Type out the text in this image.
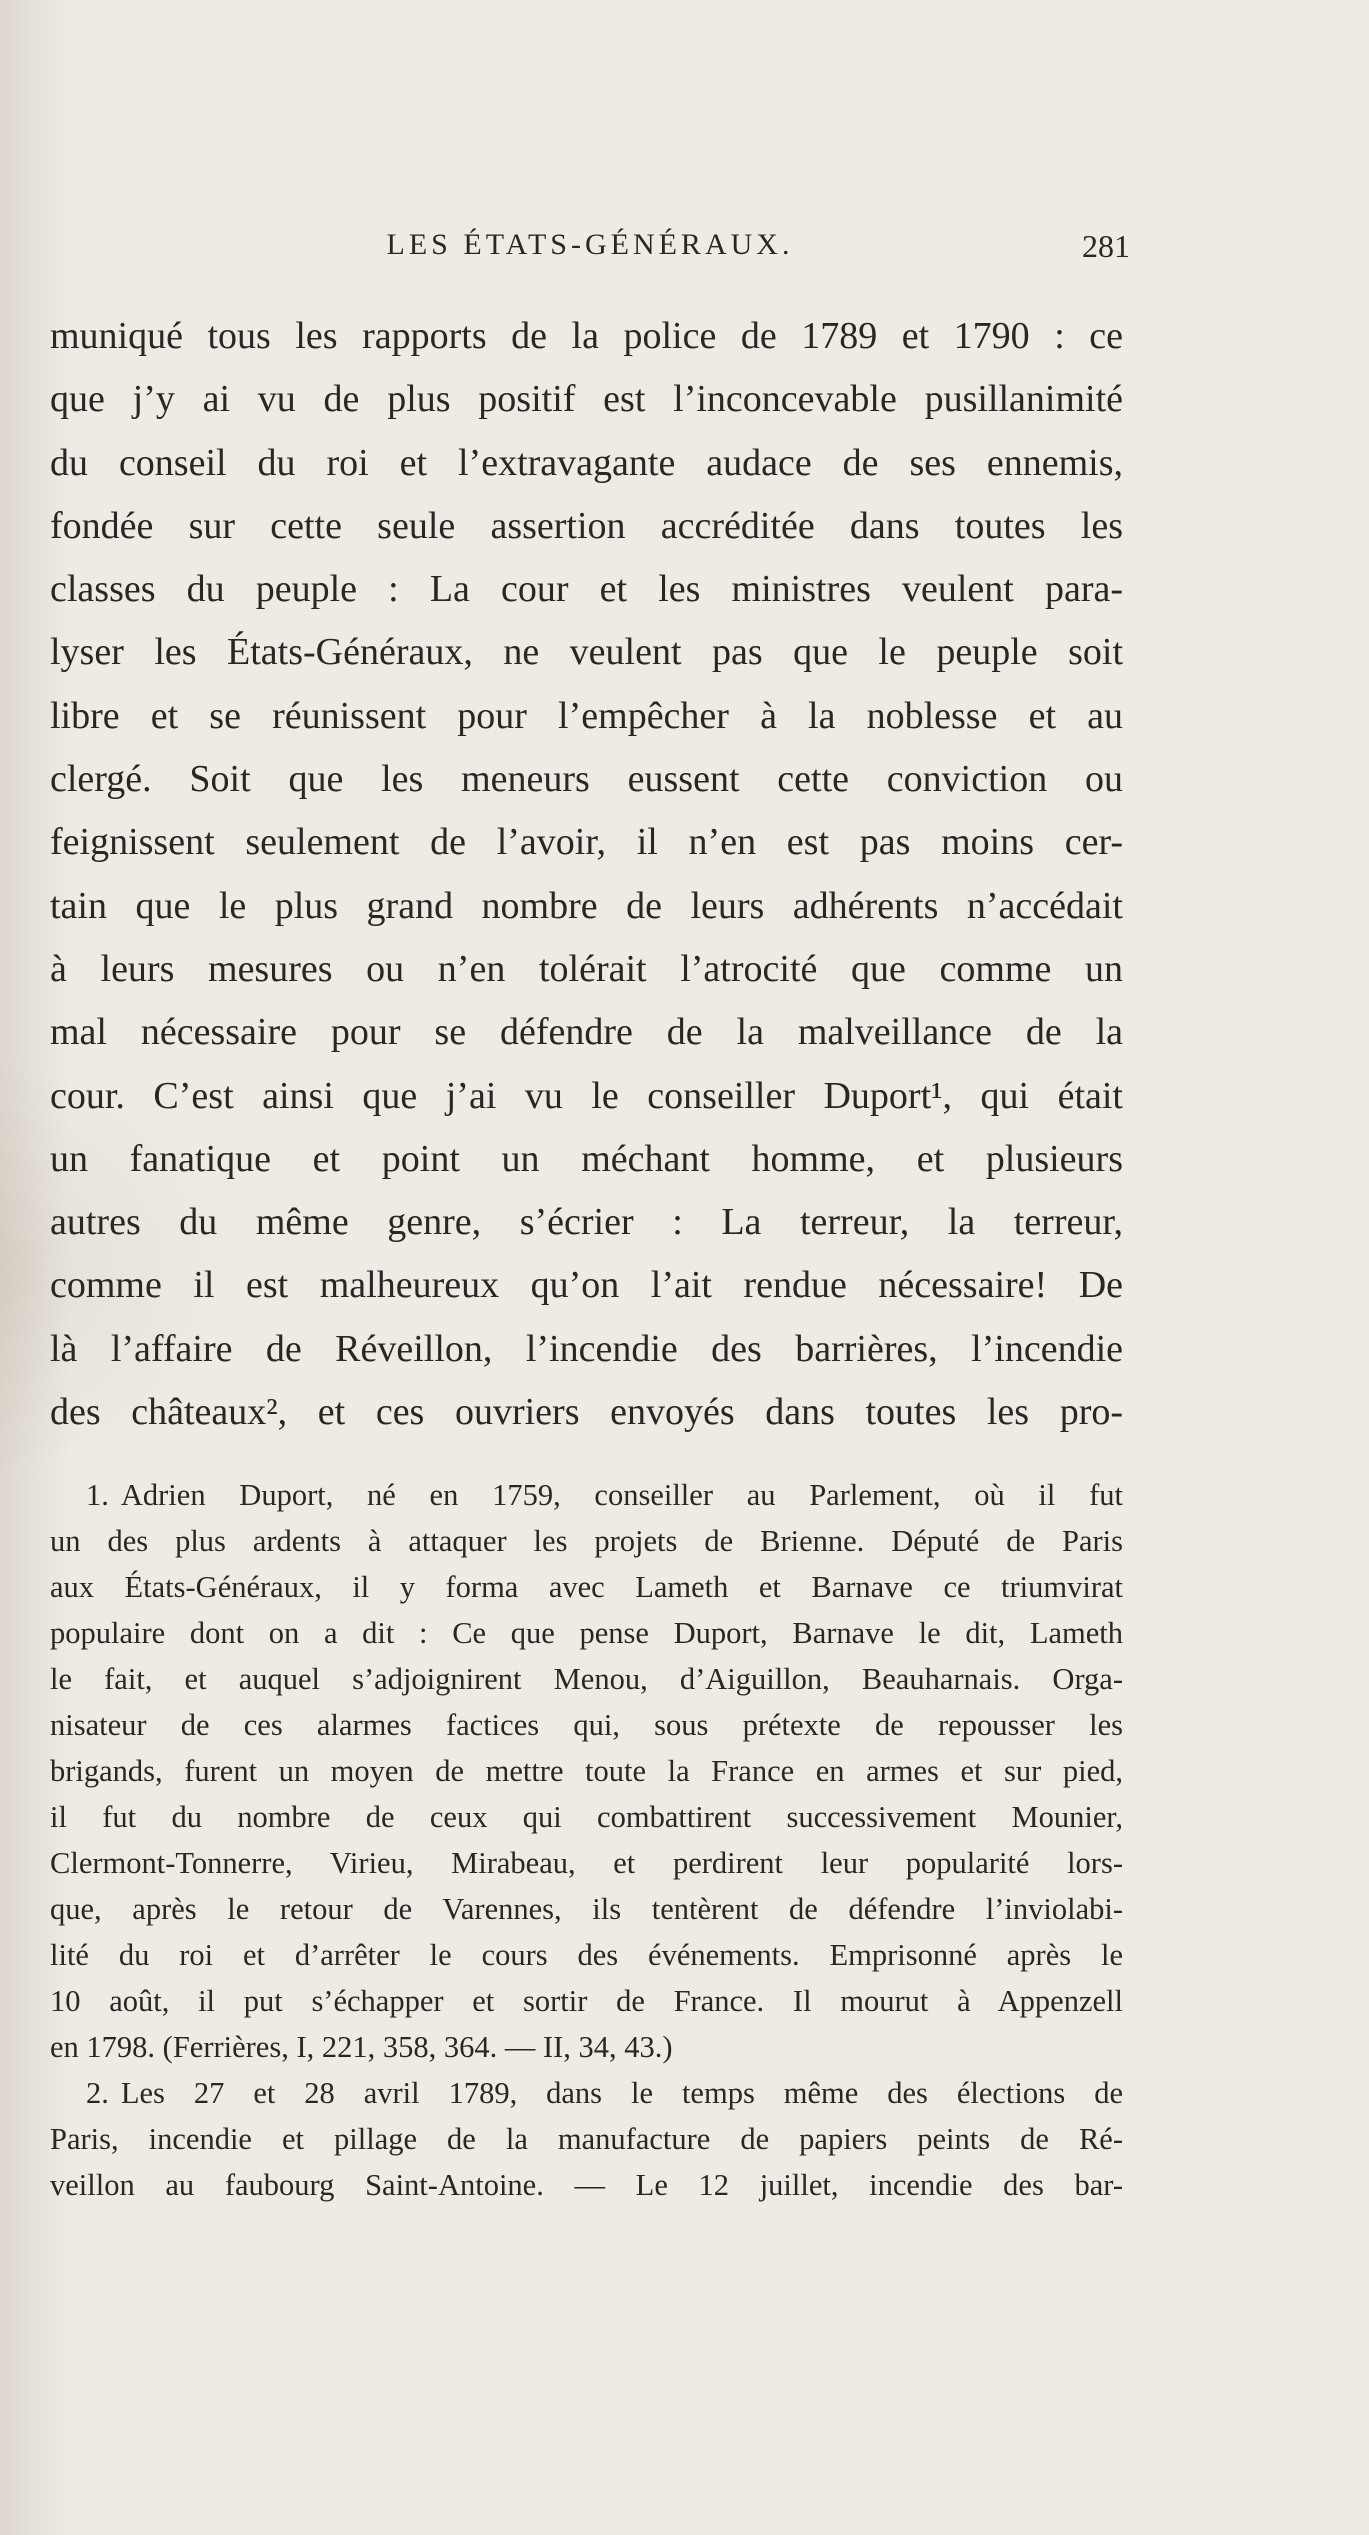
LES ÉTATS-GÉNÉRAUX.	281
muniqué tous les rapports de la police de 1789 et 1790 : ce
que j’y ai vu de plus positif est l’inconcevable pusillanimité
du conseil du roi et l’extravagante audace de ses ennemis,
fondée sur cette seule assertion accréditée dans toutes les
classes du peuple : La cour et les ministres veulent para-
lyser les États-Généraux, ne veulent pas que le peuple soit
libre et se réunissent pour l’empêcher à la noblesse et au
clergé. Soit que les meneurs eussent cette conviction ou
feignissent seulement de l’avoir, il n’en est pas moins cer-
tain que le plus grand nombre de leurs adhérents n’accédait
à leurs mesures ou n’en tolérait l’atrocité que comme un
mal nécessaire pour se défendre de la malveillance de la
cour. C’est ainsi que j’ai vu le conseiller Duport¹, qui était
un fanatique et point un méchant homme, et plusieurs
autres du même genre, s’écrier : La terreur, la terreur,
comme il est malheureux qu’on l’ait rendue nécessaire! De
là l’affaire de Réveillon, l’incendie des barrières, l’incendie
des châteaux², et ces ouvriers envoyés dans toutes les pro-
1. Adrien Duport, né en 1759, conseiller au Parlement, où il fut
un des plus ardents à attaquer les projets de Brienne. Député de Paris
aux États-Généraux, il y forma avec Lameth et Barnave ce triumvirat
populaire dont on a dit : Ce que pense Duport, Barnave le dit, Lameth
le fait, et auquel s’adjoignirent Menou, d’Aiguillon, Beauharnais. Orga-
nisateur de ces alarmes factices qui, sous prétexte de repousser les
brigands, furent un moyen de mettre toute la France en armes et sur pied,
il fut du nombre de ceux qui combattirent successivement Mounier,
Clermont-Tonnerre, Virieu, Mirabeau, et perdirent leur popularité lors-
que, après le retour de Varennes, ils tentèrent de défendre l’inviolabi-
lité du roi et d’arrêter le cours des événements. Emprisonné après le
10 août, il put s’échapper et sortir de France. Il mourut à Appenzell
en 1798. (Ferrières, I, 221, 358, 364. — II, 34, 43.)
2. Les 27 et 28 avril 1789, dans le temps même des élections de
Paris, incendie et pillage de la manufacture de papiers peints de Ré-
veillon au faubourg Saint-Antoine. — Le 12 juillet, incendie des bar-
